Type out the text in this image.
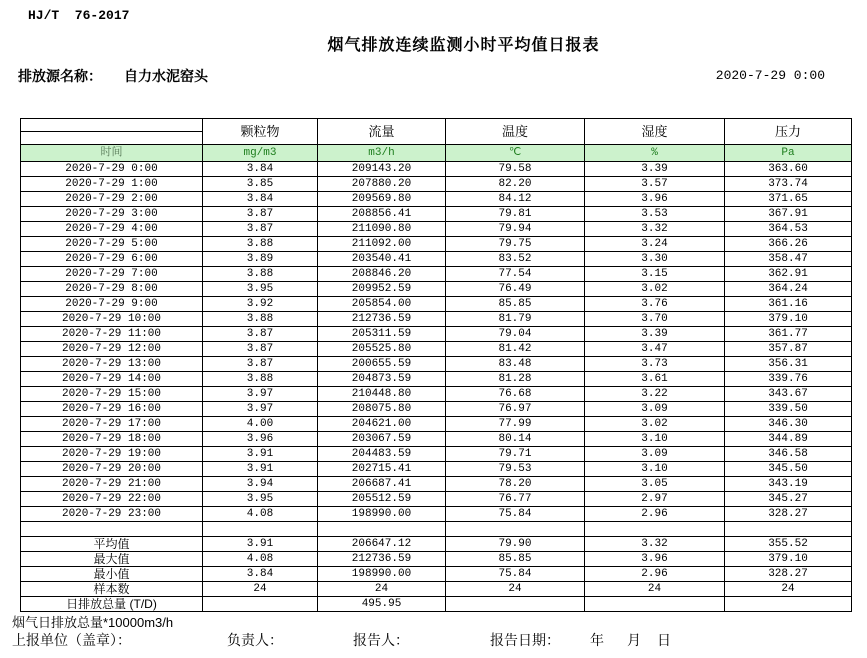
HJ/T  76-2017
烟气排放连续监测小时平均值日报表
排放源名称： 自力水泥窑头	2020-7-29 0:00
	颗粒物	流量	温度	湿度	压力

时间	mg/m3	m3/h	℃	%	Pa
2020-7-29 0:00	3.84	209143.20	79.58	3.39	363.60
2020-7-29 1:00	3.85	207880.20	82.20	3.57	373.74
2020-7-29 2:00	3.84	209569.80	84.12	3.96	371.65
2020-7-29 3:00	3.87	208856.41	79.81	3.53	367.91
2020-7-29 4:00	3.87	211090.80	79.94	3.32	364.53
2020-7-29 5:00	3.88	211092.00	79.75	3.24	366.26
2020-7-29 6:00	3.89	203540.41	83.52	3.30	358.47
2020-7-29 7:00	3.88	208846.20	77.54	3.15	362.91
2020-7-29 8:00	3.95	209952.59	76.49	3.02	364.24
2020-7-29 9:00	3.92	205854.00	85.85	3.76	361.16
2020-7-29 10:00	3.88	212736.59	81.79	3.70	379.10
2020-7-29 11:00	3.87	205311.59	79.04	3.39	361.77
2020-7-29 12:00	3.87	205525.80	81.42	3.47	357.87
2020-7-29 13:00	3.87	200655.59	83.48	3.73	356.31
2020-7-29 14:00	3.88	204873.59	81.28	3.61	339.76
2020-7-29 15:00	3.97	210448.80	76.68	3.22	343.67
2020-7-29 16:00	3.97	208075.80	76.97	3.09	339.50
2020-7-29 17:00	4.00	204621.00	77.99	3.02	346.30
2020-7-29 18:00	3.96	203067.59	80.14	3.10	344.89
2020-7-29 19:00	3.91	204483.59	79.71	3.09	346.58
2020-7-29 20:00	3.91	202715.41	79.53	3.10	345.50
2020-7-29 21:00	3.94	206687.41	78.20	3.05	343.19
2020-7-29 22:00	3.95	205512.59	76.77	2.97	345.27
2020-7-29 23:00	4.08	198990.00	75.84	2.96	328.27

平均值	3.91	206647.12	79.90	3.32	355.52
最大值	4.08	212736.59	85.85	3.96	379.10
最小值	3.84	198990.00	75.84	2.96	328.27
样本数	24	24	24	24	24
日排放总量 (T/D)		495.95			
烟气日排放总量*10000m3/h
上报单位（盖章）：	负责人：	报告人：	报告日期： 年 月 日
